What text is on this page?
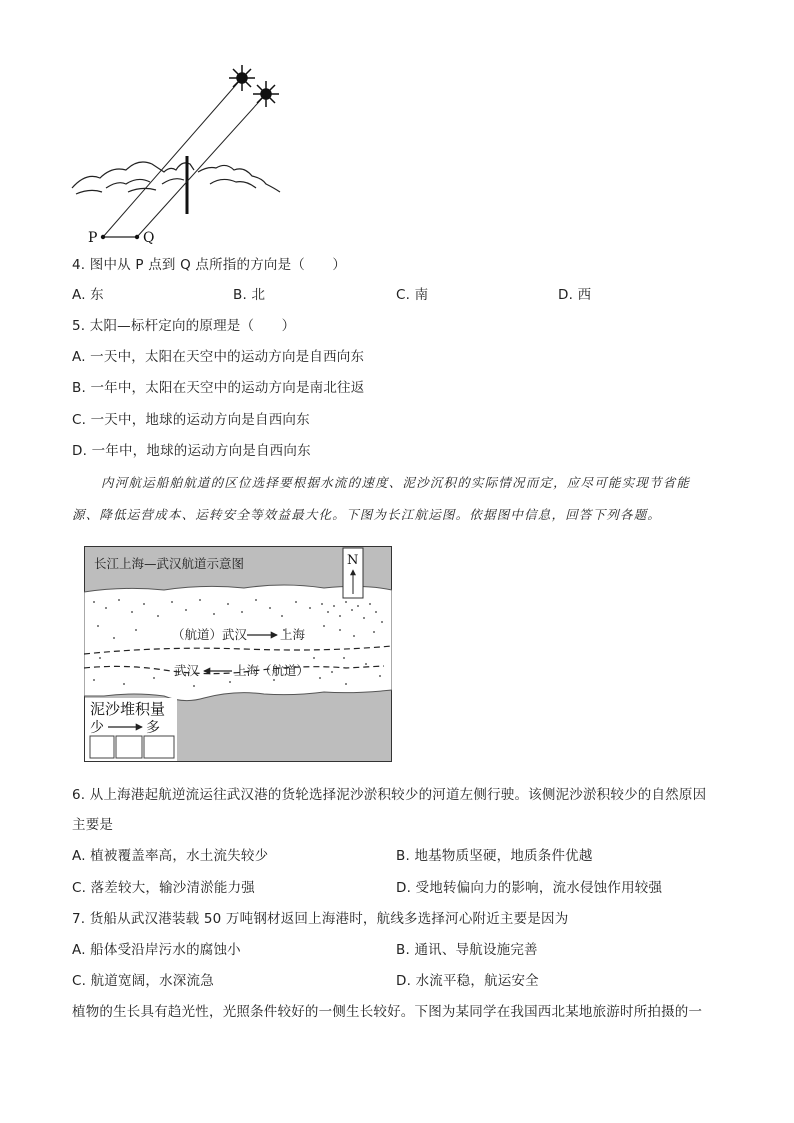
P	Q
4. 图中从 P 点到 Q 点所指的方向是（　　）
A. 东	B. 北	C. 南	D. 西
5. 太阳—标杆定向的原理是（　　）
A. 一天中，太阳在天空中的运动方向是自西向东
B. 一年中，太阳在天空中的运动方向是南北往返
C. 一天中，地球的运动方向是自西向东
D. 一年中，地球的运动方向是自西向东
内河航运船舶航道的区位选择要根据水流的速度、泥沙沉积的实际情况而定，应尽可能实现节省能
源、降低运营成本、运转安全等效益最大化。下图为长江航运图。依据图中信息，回答下列各题。
长江上海—武汉航道示意图	N
（航道）武汉	上海
武汉	上海（航道）
泥沙堆积量
少	多
6. 从上海港起航逆流运往武汉港的货轮选择泥沙淤积较少的河道左侧行驶。该侧泥沙淤积较少的自然原因
主要是
A. 植被覆盖率高，水土流失较少	B. 地基物质坚硬，地质条件优越
C. 落差较大，输沙清淤能力强	D. 受地转偏向力的影响，流水侵蚀作用较强
7. 货船从武汉港装载 50 万吨钢材返回上海港时，航线多选择河心附近主要是因为
A. 船体受沿岸污水的腐蚀小	B. 通讯、导航设施完善
C. 航道宽阔，水深流急	D. 水流平稳，航运安全
植物的生长具有趋光性，光照条件较好的一侧生长较好。下图为某同学在我国西北某地旅游时所拍摄的一
